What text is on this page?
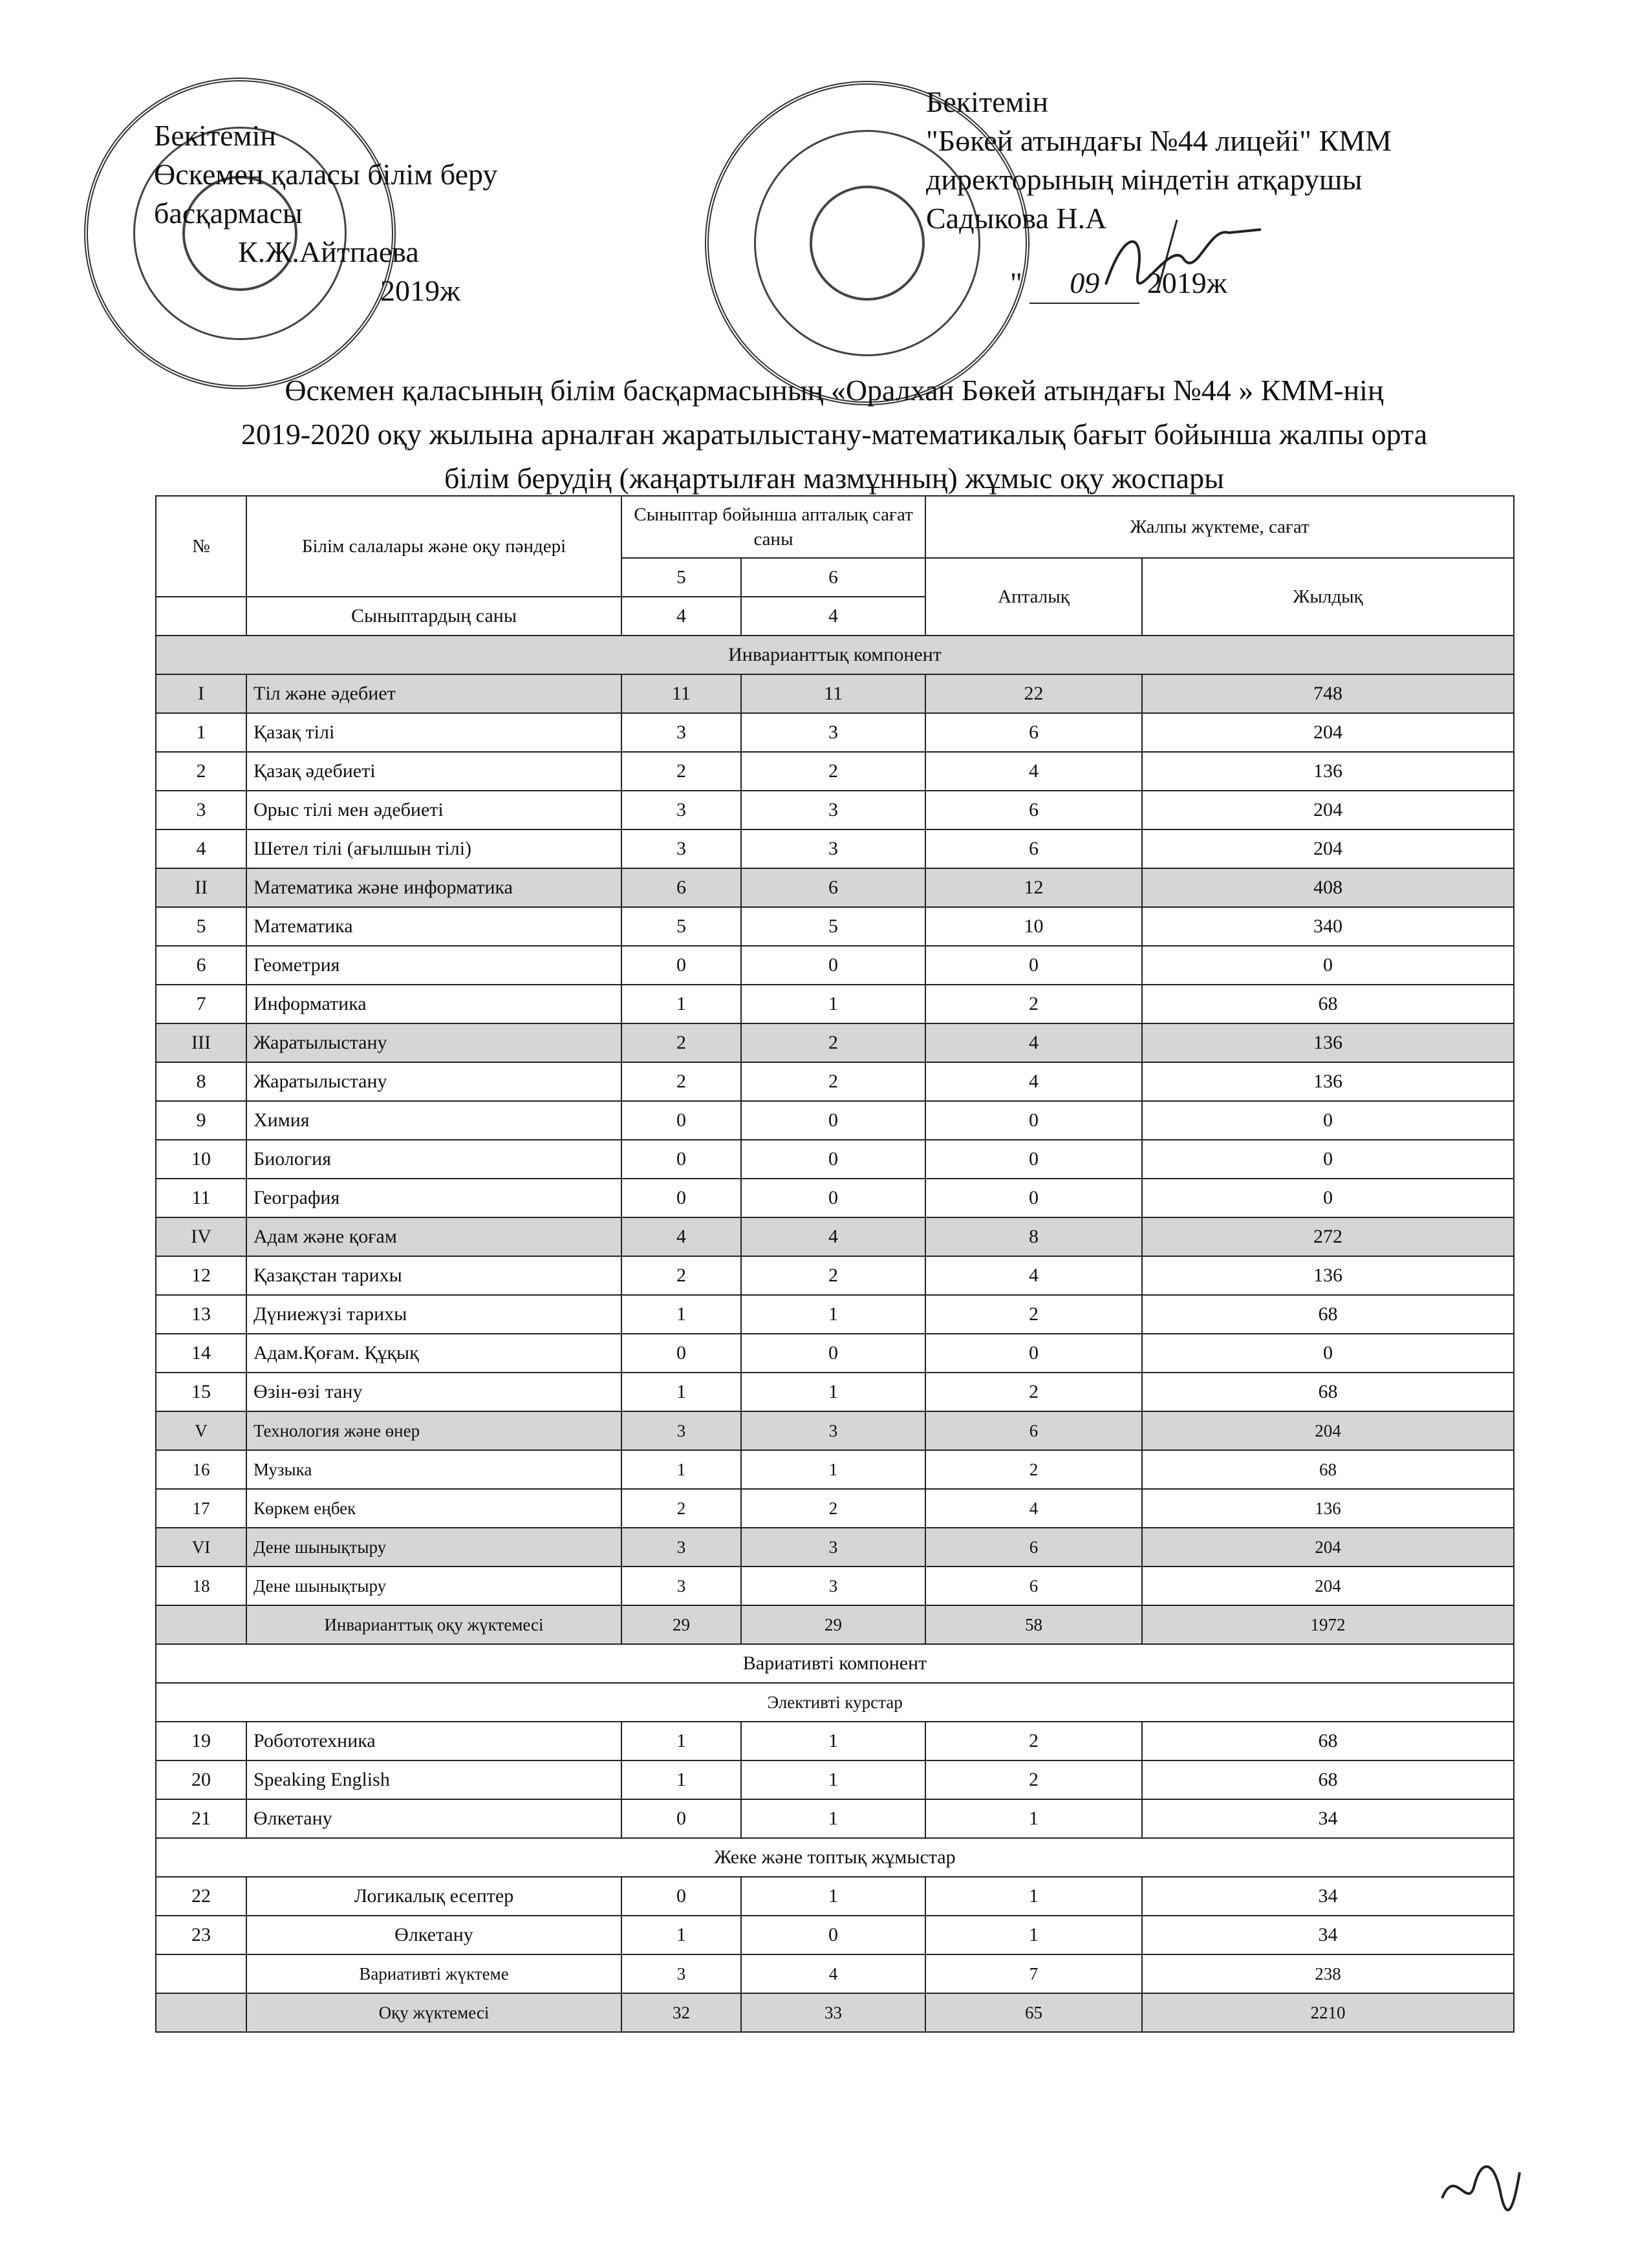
Бекітемін
Өскемен қаласы білім беру
басқармасы
К.Ж.Айтпаева
2019ж
Бекітемін
"Бөкей атындағы №44 лицейі" КММ
директорының міндетін атқарушы
Садыкова Н.А
" 09 2019ж
Өскемен қаласының білім басқармасының «Оралхан Бөкей атындағы №44 » КММ-нің
2019-2020 оқу жылына арналған жаратылыстану-математикалық бағыт бойынша жалпы орта
білім берудің (жаңартылған мазмұнның) жұмыс оқу жоспары
№	Білім салалары және оқу пәндері	Сыныптар бойынша апталық сағат саны		Жалпы жүктеме, сағат	
		5	6	Апталық	Жылдық
	Сыныптардың саны	4	4		
Инварианттық компонент					
I	Тіл және әдебиет	11	11	22	748
1	Қазақ тілі	3	3	6	204
2	Қазақ әдебиеті	2	2	4	136
3	Орыс тілі мен әдебиеті	3	3	6	204
4	Шетел тілі (ағылшын тілі)	3	3	6	204
II	Математика және информатика	6	6	12	408
5	Математика	5	5	10	340
6	Геометрия	0	0	0	0
7	Информатика	1	1	2	68
III	Жаратылыстану	2	2	4	136
8	Жаратылыстану	2	2	4	136
9	Химия	0	0	0	0
10	Биология	0	0	0	0
11	География	0	0	0	0
IV	Адам және қоғам	4	4	8	272
12	Қазақстан тарихы	2	2	4	136
13	Дүниежүзі тарихы	1	1	2	68
14	Адам.Қоғам. Құқық	0	0	0	0
15	Өзін-өзі тану	1	1	2	68
V	Технология және өнер	3	3	6	204
16	Музыка	1	1	2	68
17	Көркем еңбек	2	2	4	136
VI	Дене шынықтыру	3	3	6	204
18	Дене шынықтыру	3	3	6	204
	Инварианттық оқу жүктемесі	29	29	58	1972
Вариативті компонент					
Элективті курстар					
19	Робототехника	1	1	2	68
20	Speaking English	1	1	2	68
21	Өлкетану	0	1	1	34
Жеке және топтық жұмыстар					
22	Логикалық есептер	0	1	1	34
23	Өлкетану	1	0	1	34
	Вариативті жүктеме	3	4	7	238
	Оқу жүктемесі	32	33	65	2210
